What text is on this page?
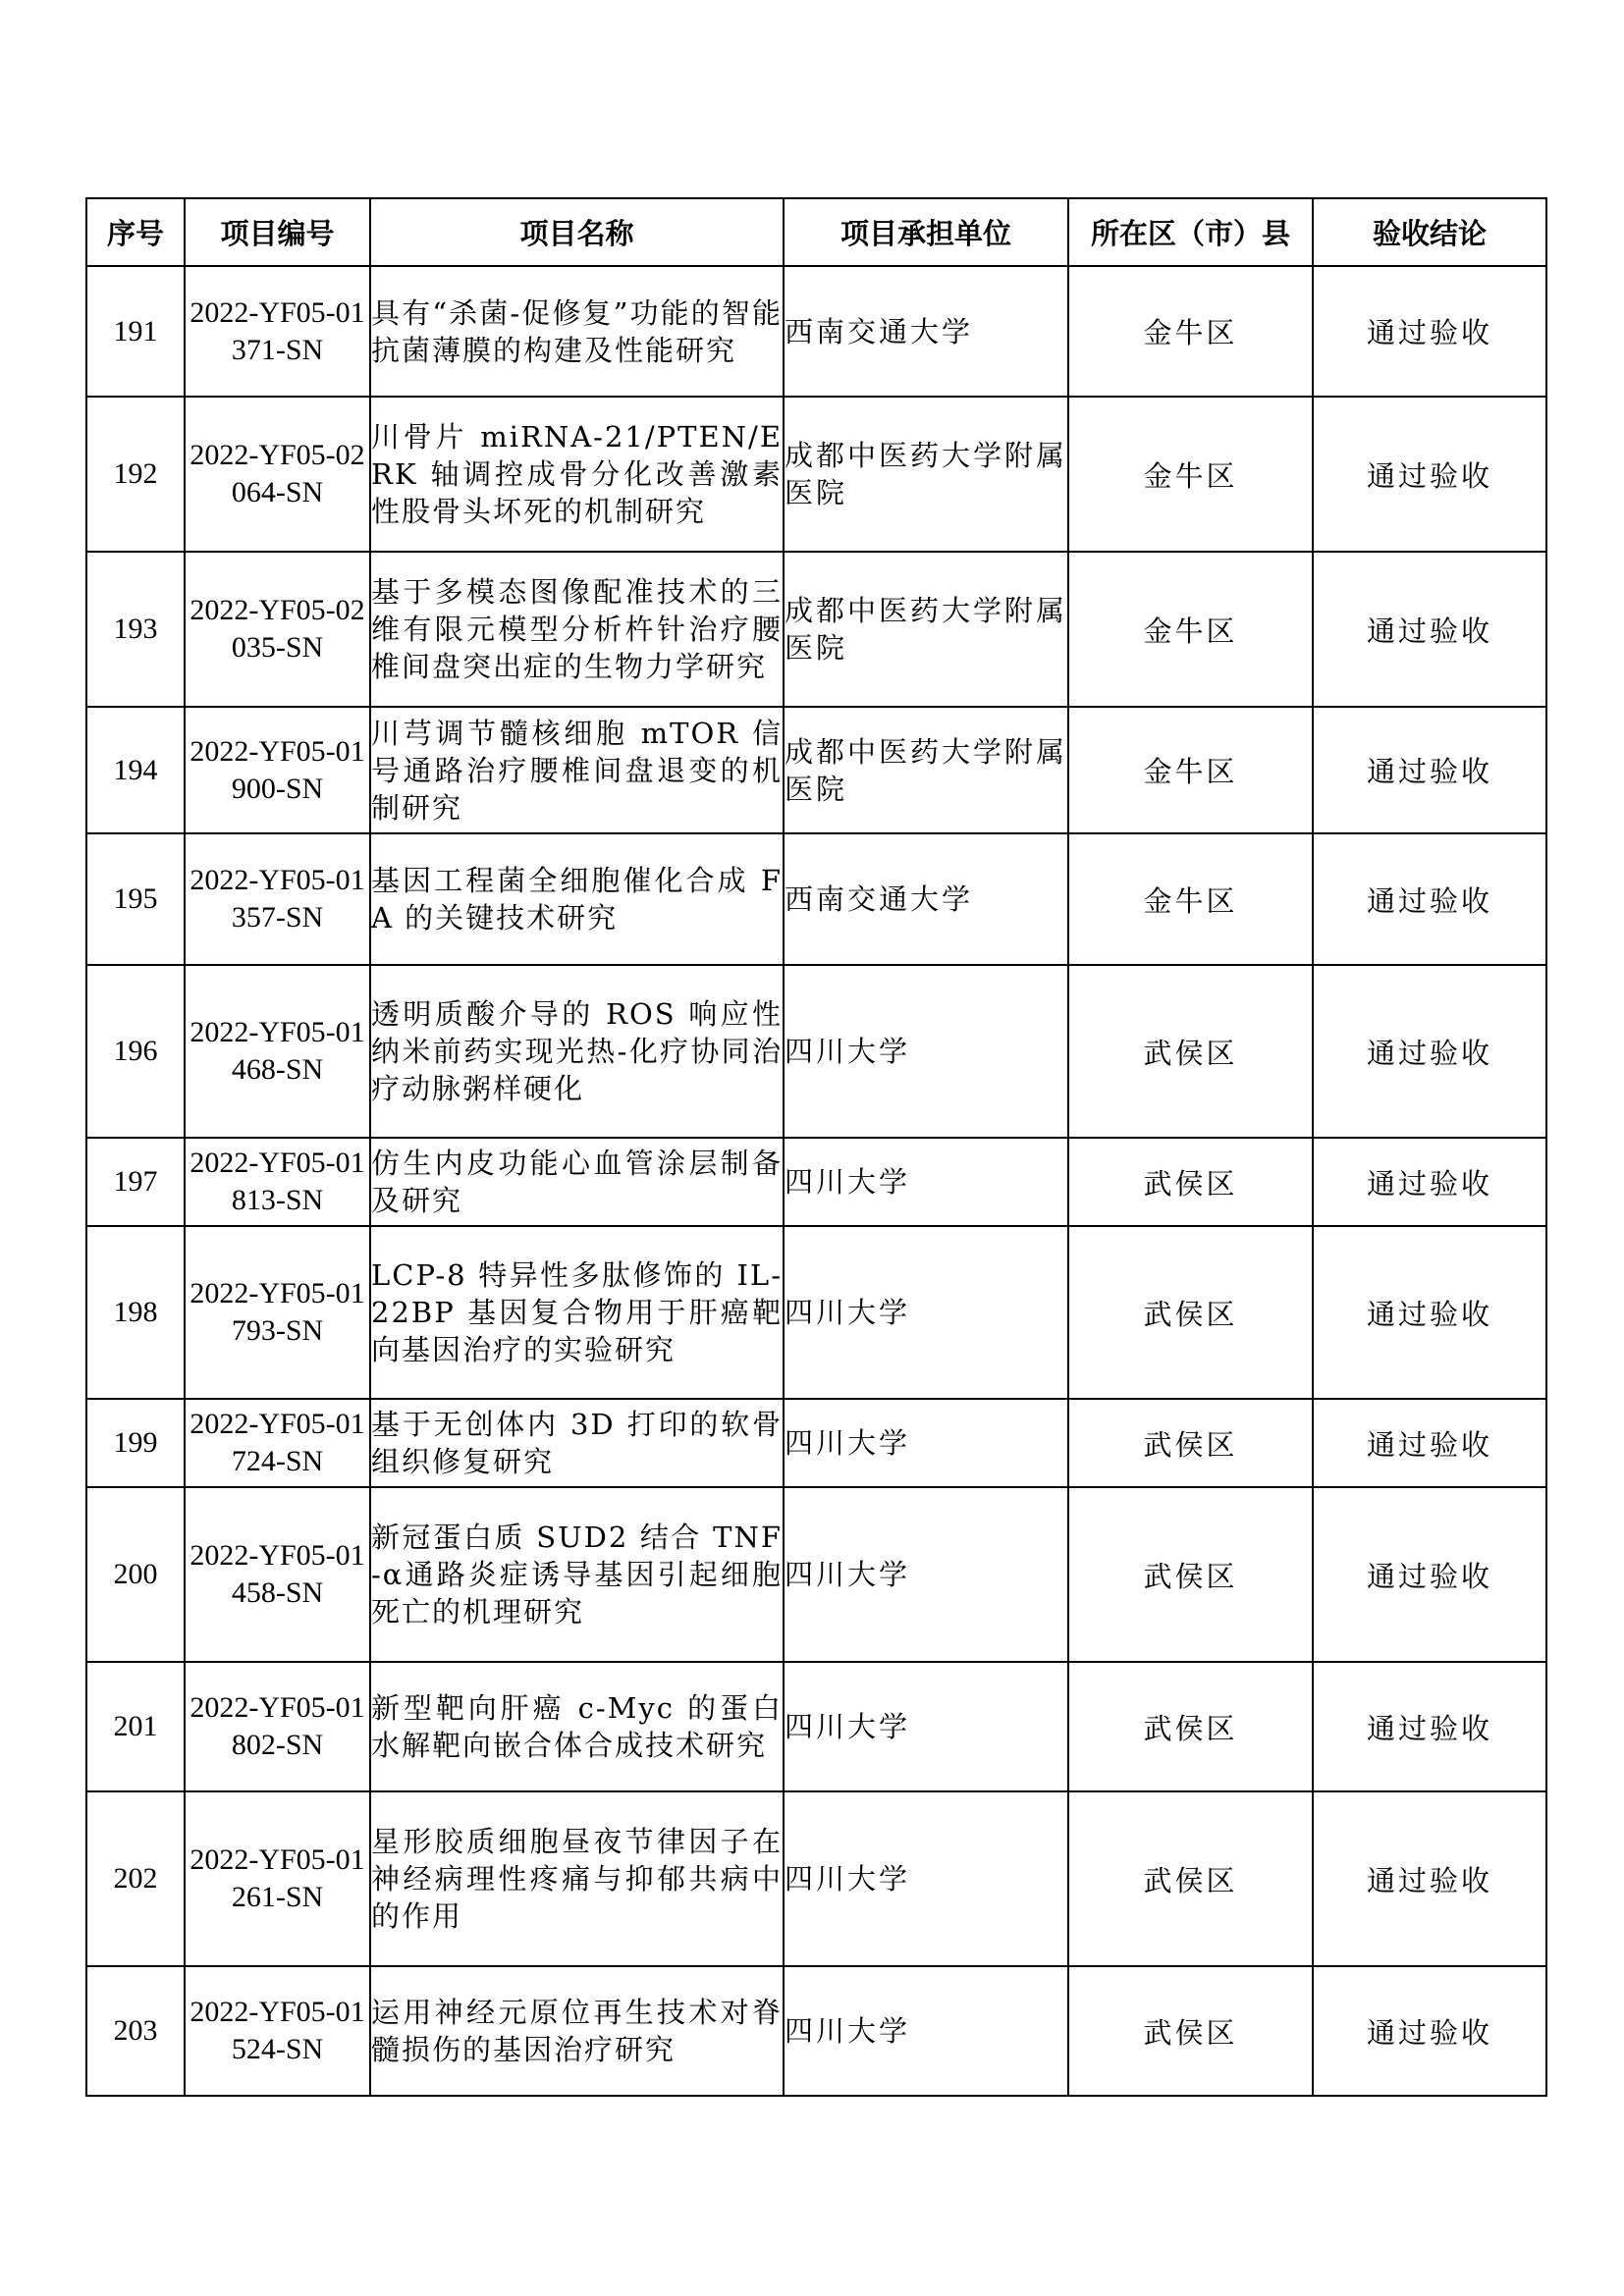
序号	项目编号	项目名称	项目承担单位	所在区（市）县	验收结论
191	2022-YF05-01371-SN	具有“杀菌-促修复”功能的智能抗菌薄膜的构建及性能研究	西南交通大学	金牛区	通过验收
192	2022-YF05-02064-SN	川骨片 miRNA-21/PTEN/ERK 轴调控成骨分化改善激素性股骨头坏死的机制研究	成都中医药大学附属医院	金牛区	通过验收
193	2022-YF05-02035-SN	基于多模态图像配准技术的三维有限元模型分析杵针治疗腰椎间盘突出症的生物力学研究	成都中医药大学附属医院	金牛区	通过验收
194	2022-YF05-01900-SN	川芎调节髓核细胞 mTOR 信号通路治疗腰椎间盘退变的机制研究	成都中医药大学附属医院	金牛区	通过验收
195	2022-YF05-01357-SN	基因工程菌全细胞催化合成 FA 的关键技术研究	西南交通大学	金牛区	通过验收
196	2022-YF05-01468-SN	透明质酸介导的 ROS 响应性纳米前药实现光热-化疗协同治疗动脉粥样硬化	四川大学	武侯区	通过验收
197	2022-YF05-01813-SN	仿生内皮功能心血管涂层制备及研究	四川大学	武侯区	通过验收
198	2022-YF05-01793-SN	LCP-8 特异性多肽修饰的 IL-22BP 基因复合物用于肝癌靶向基因治疗的实验研究	四川大学	武侯区	通过验收
199	2022-YF05-01724-SN	基于无创体内 3D 打印的软骨组织修复研究	四川大学	武侯区	通过验收
200	2022-YF05-01458-SN	新冠蛋白质 SUD2 结合 TNF-α通路炎症诱导基因引起细胞死亡的机理研究	四川大学	武侯区	通过验收
201	2022-YF05-01802-SN	新型靶向肝癌 c-Myc 的蛋白水解靶向嵌合体合成技术研究	四川大学	武侯区	通过验收
202	2022-YF05-01261-SN	星形胶质细胞昼夜节律因子在神经病理性疼痛与抑郁共病中的作用	四川大学	武侯区	通过验收
203	2022-YF05-01524-SN	运用神经元原位再生技术对脊髓损伤的基因治疗研究	四川大学	武侯区	通过验收
